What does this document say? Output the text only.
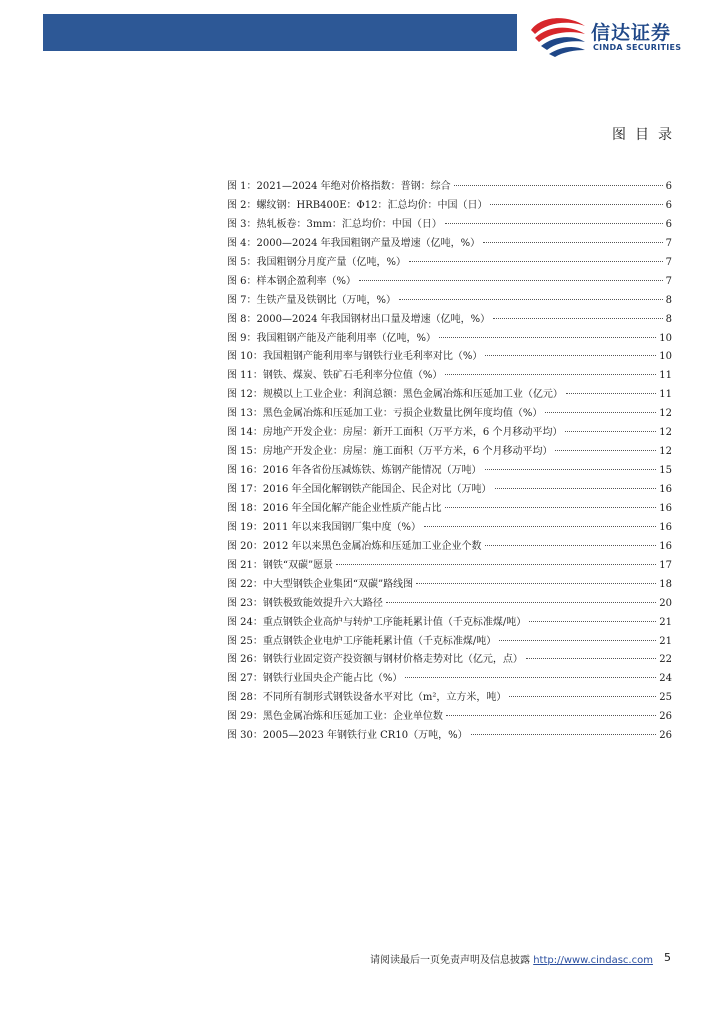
信达证券
CINDA SECURITIES
图目录
图 1：2021—2024 年绝对价格指数：普钢：综合	6
图 2：螺纹钢：HRB400E：Φ12：汇总均价：中国（日）	6
图 3：热轧板卷：3mm：汇总均价：中国（日）	6
图 4：2000—2024 年我国粗钢产量及增速（亿吨，%）	7
图 5：我国粗钢分月度产量（亿吨，%）	7
图 6：样本钢企盈利率（%）	7
图 7：生铁产量及铁钢比（万吨，%）	8
图 8：2000—2024 年我国钢材出口量及增速（亿吨，%）	8
图 9：我国粗钢产能及产能利用率（亿吨，%）	10
图 10：我国粗钢产能利用率与钢铁行业毛利率对比（%）	10
图 11：钢铁、煤炭、铁矿石毛利率分位值（%）	11
图 12：规模以上工业企业：利润总额：黑色金属冶炼和压延加工业（亿元）	11
图 13：黑色金属冶炼和压延加工业：亏损企业数量比例年度均值（%）	12
图 14：房地产开发企业：房屋：新开工面积（万平方米，6 个月移动平均）	12
图 15：房地产开发企业：房屋：施工面积（万平方米，6 个月移动平均）	12
图 16：2016 年各省份压减炼铁、炼钢产能情况（万吨）	15
图 17：2016 年全国化解钢铁产能国企、民企对比（万吨）	16
图 18：2016 年全国化解产能企业性质产能占比	16
图 19：2011 年以来我国钢厂集中度（%）	16
图 20：2012 年以来黑色金属冶炼和压延加工业企业个数	16
图 21：钢铁“双碳”愿景	17
图 22：中大型钢铁企业集团“双碳”路线图	18
图 23：钢铁极致能效提升六大路径	20
图 24：重点钢铁企业高炉与转炉工序能耗累计值（千克标准煤/吨）	21
图 25：重点钢铁企业电炉工序能耗累计值（千克标准煤/吨）	21
图 26：钢铁行业固定资产投资额与钢材价格走势对比（亿元，点）	22
图 27：钢铁行业国央企产能占比（%）	24
图 28：不同所有制形式钢铁设备水平对比（m²，立方米，吨）	25
图 29：黑色金属冶炼和压延加工业：企业单位数	26
图 30：2005—2023 年钢铁行业 CR10（万吨，%）	26
请阅读最后一页免责声明及信息披露 http://www.cindasc.com 5
